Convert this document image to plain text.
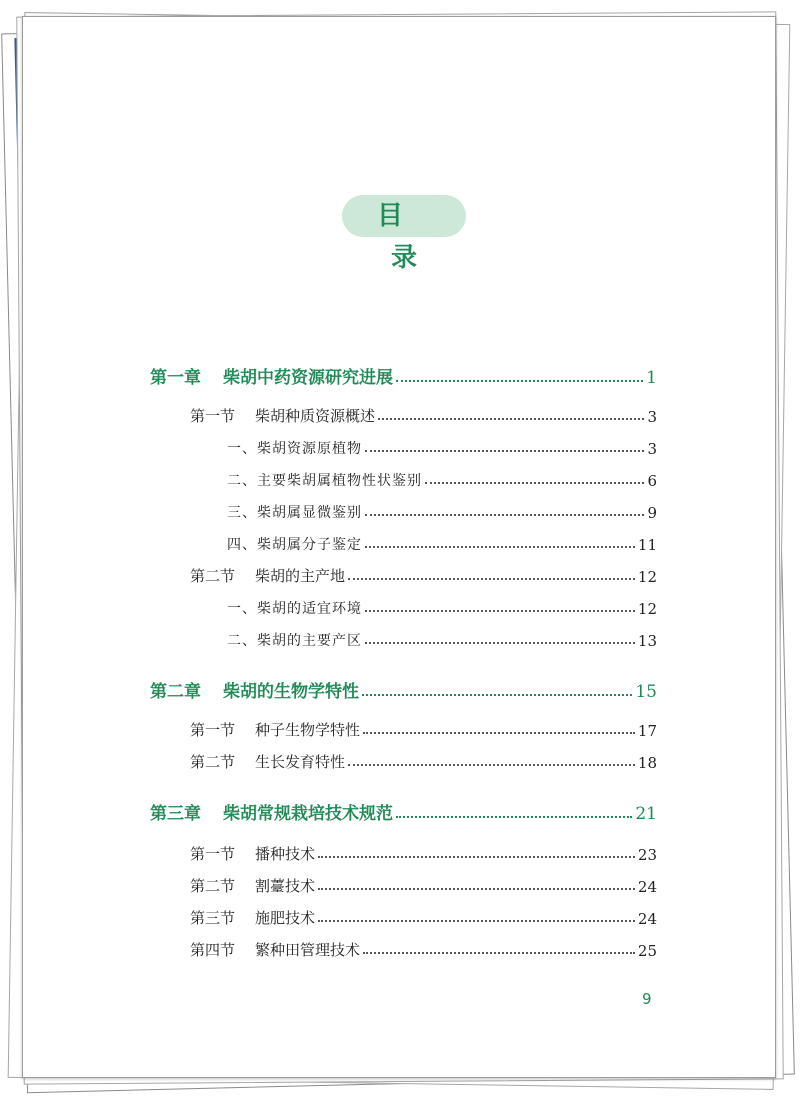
目 录
第一章 柴胡中药资源研究进展	1
第一节 柴胡种质资源概述	3
一、柴胡资源原植物	3
二、主要柴胡属植物性状鉴别	6
三、柴胡属显微鉴别	9
四、柴胡属分子鉴定	11
第二节 柴胡的主产地	12
一、柴胡的适宜环境	12
二、柴胡的主要产区	13
第二章 柴胡的生物学特性	15
第一节 种子生物学特性	17
第二节 生长发育特性	18
第三章 柴胡常规栽培技术规范	21
第一节 播种技术	23
第二节 割薹技术	24
第三节 施肥技术	24
第四节 繁种田管理技术	25
9
